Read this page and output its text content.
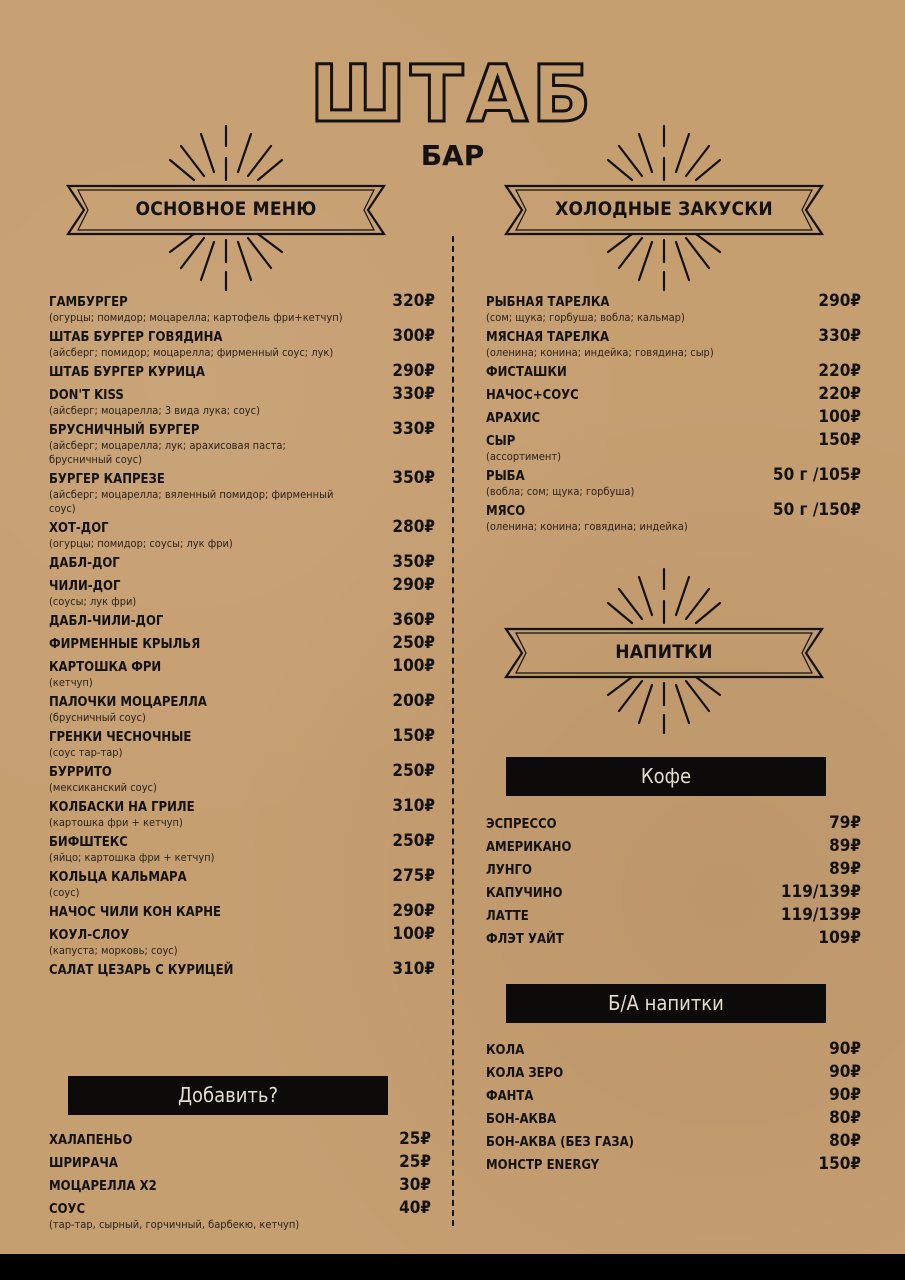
ШТАБ
БАР
ОСНОВНОЕ МЕНЮ	ХОЛОДНЫЕ ЗАКУСКИ
НАПИТКИ
ГАМБУРГЕР	320₽
(огурцы; помидор; моцарелла; картофель фри+кетчуп)
ШТАБ БУРГЕР ГОВЯДИНА	300₽
(айсберг; помидор; моцарелла; фирменный соус; лук)
ШТАБ БУРГЕР КУРИЦА	290₽
DON'T KISS	330₽
(айсберг; моцарелла; 3 вида лука; соус)
БРУСНИЧНЫЙ БУРГЕР	330₽
(айсберг; моцарелла; лук; арахисовая паста; брусничный соус)
БУРГЕР КАПРЕЗЕ	350₽
(айсберг; моцарелла; вяленный помидор; фирменный соус)
ХОТ-ДОГ	280₽
(огурцы; помидор; соусы; лук фри)
ДАБЛ-ДОГ	350₽
ЧИЛИ-ДОГ	290₽
(соусы; лук фри)
ДАБЛ-ЧИЛИ-ДОГ	360₽
ФИРМЕННЫЕ КРЫЛЬЯ	250₽
КАРТОШКА ФРИ	100₽
(кетчуп)
ПАЛОЧКИ МОЦАРЕЛЛА	200₽
(брусничный соус)
ГРЕНКИ ЧЕСНОЧНЫЕ	150₽
(соус тар-тар)
БУРРИТО	250₽
(мексиканский соус)
КОЛБАСКИ НА ГРИЛЕ	310₽
(картошка фри + кетчуп)
БИФШТЕКС	250₽
(яйцо; картошка фри + кетчуп)
КОЛЬЦА КАЛЬМАРА	275₽
(соус)
НАЧОС ЧИЛИ КОН КАРНЕ	290₽
КОУЛ-СЛОУ	100₽
(капуста; морковь; соус)
САЛАТ ЦЕЗАРЬ С КУРИЦЕЙ	310₽
Добавить?
ХАЛАПЕНЬО	25₽
ШРИРАЧА	25₽
МОЦАРЕЛЛА Х2	30₽
СОУС	40₽
(тар-тар, сырный, горчичный, барбекю, кетчуп)
РЫБНАЯ ТАРЕЛКА	290₽
(сом; щука; горбуша; вобла; кальмар)
МЯСНАЯ ТАРЕЛКА	330₽
(оленина; конина; индейка; говядина; сыр)
ФИСТАШКИ	220₽
НАЧОС+СОУС	220₽
АРАХИС	100₽
СЫР	150₽
(ассортимент)
РЫБА	50 г /105₽
(вобла; сом; щука; горбуша)
МЯСО	50 г /150₽
(оленина; конина; говядина; индейка)
Кофе
ЭСПРЕССО	79₽
АМЕРИКАНО	89₽
ЛУНГО	89₽
КАПУЧИНО	119/139₽
ЛАТТЕ	119/139₽
ФЛЭТ УАЙТ	109₽
Б/А напитки
КОЛА	90₽
КОЛА ЗЕРО	90₽
ФАНТА	90₽
БОН-АКВА	80₽
БОН-АКВА (БЕЗ ГАЗА)	80₽
МОНСТР ENERGY	150₽
